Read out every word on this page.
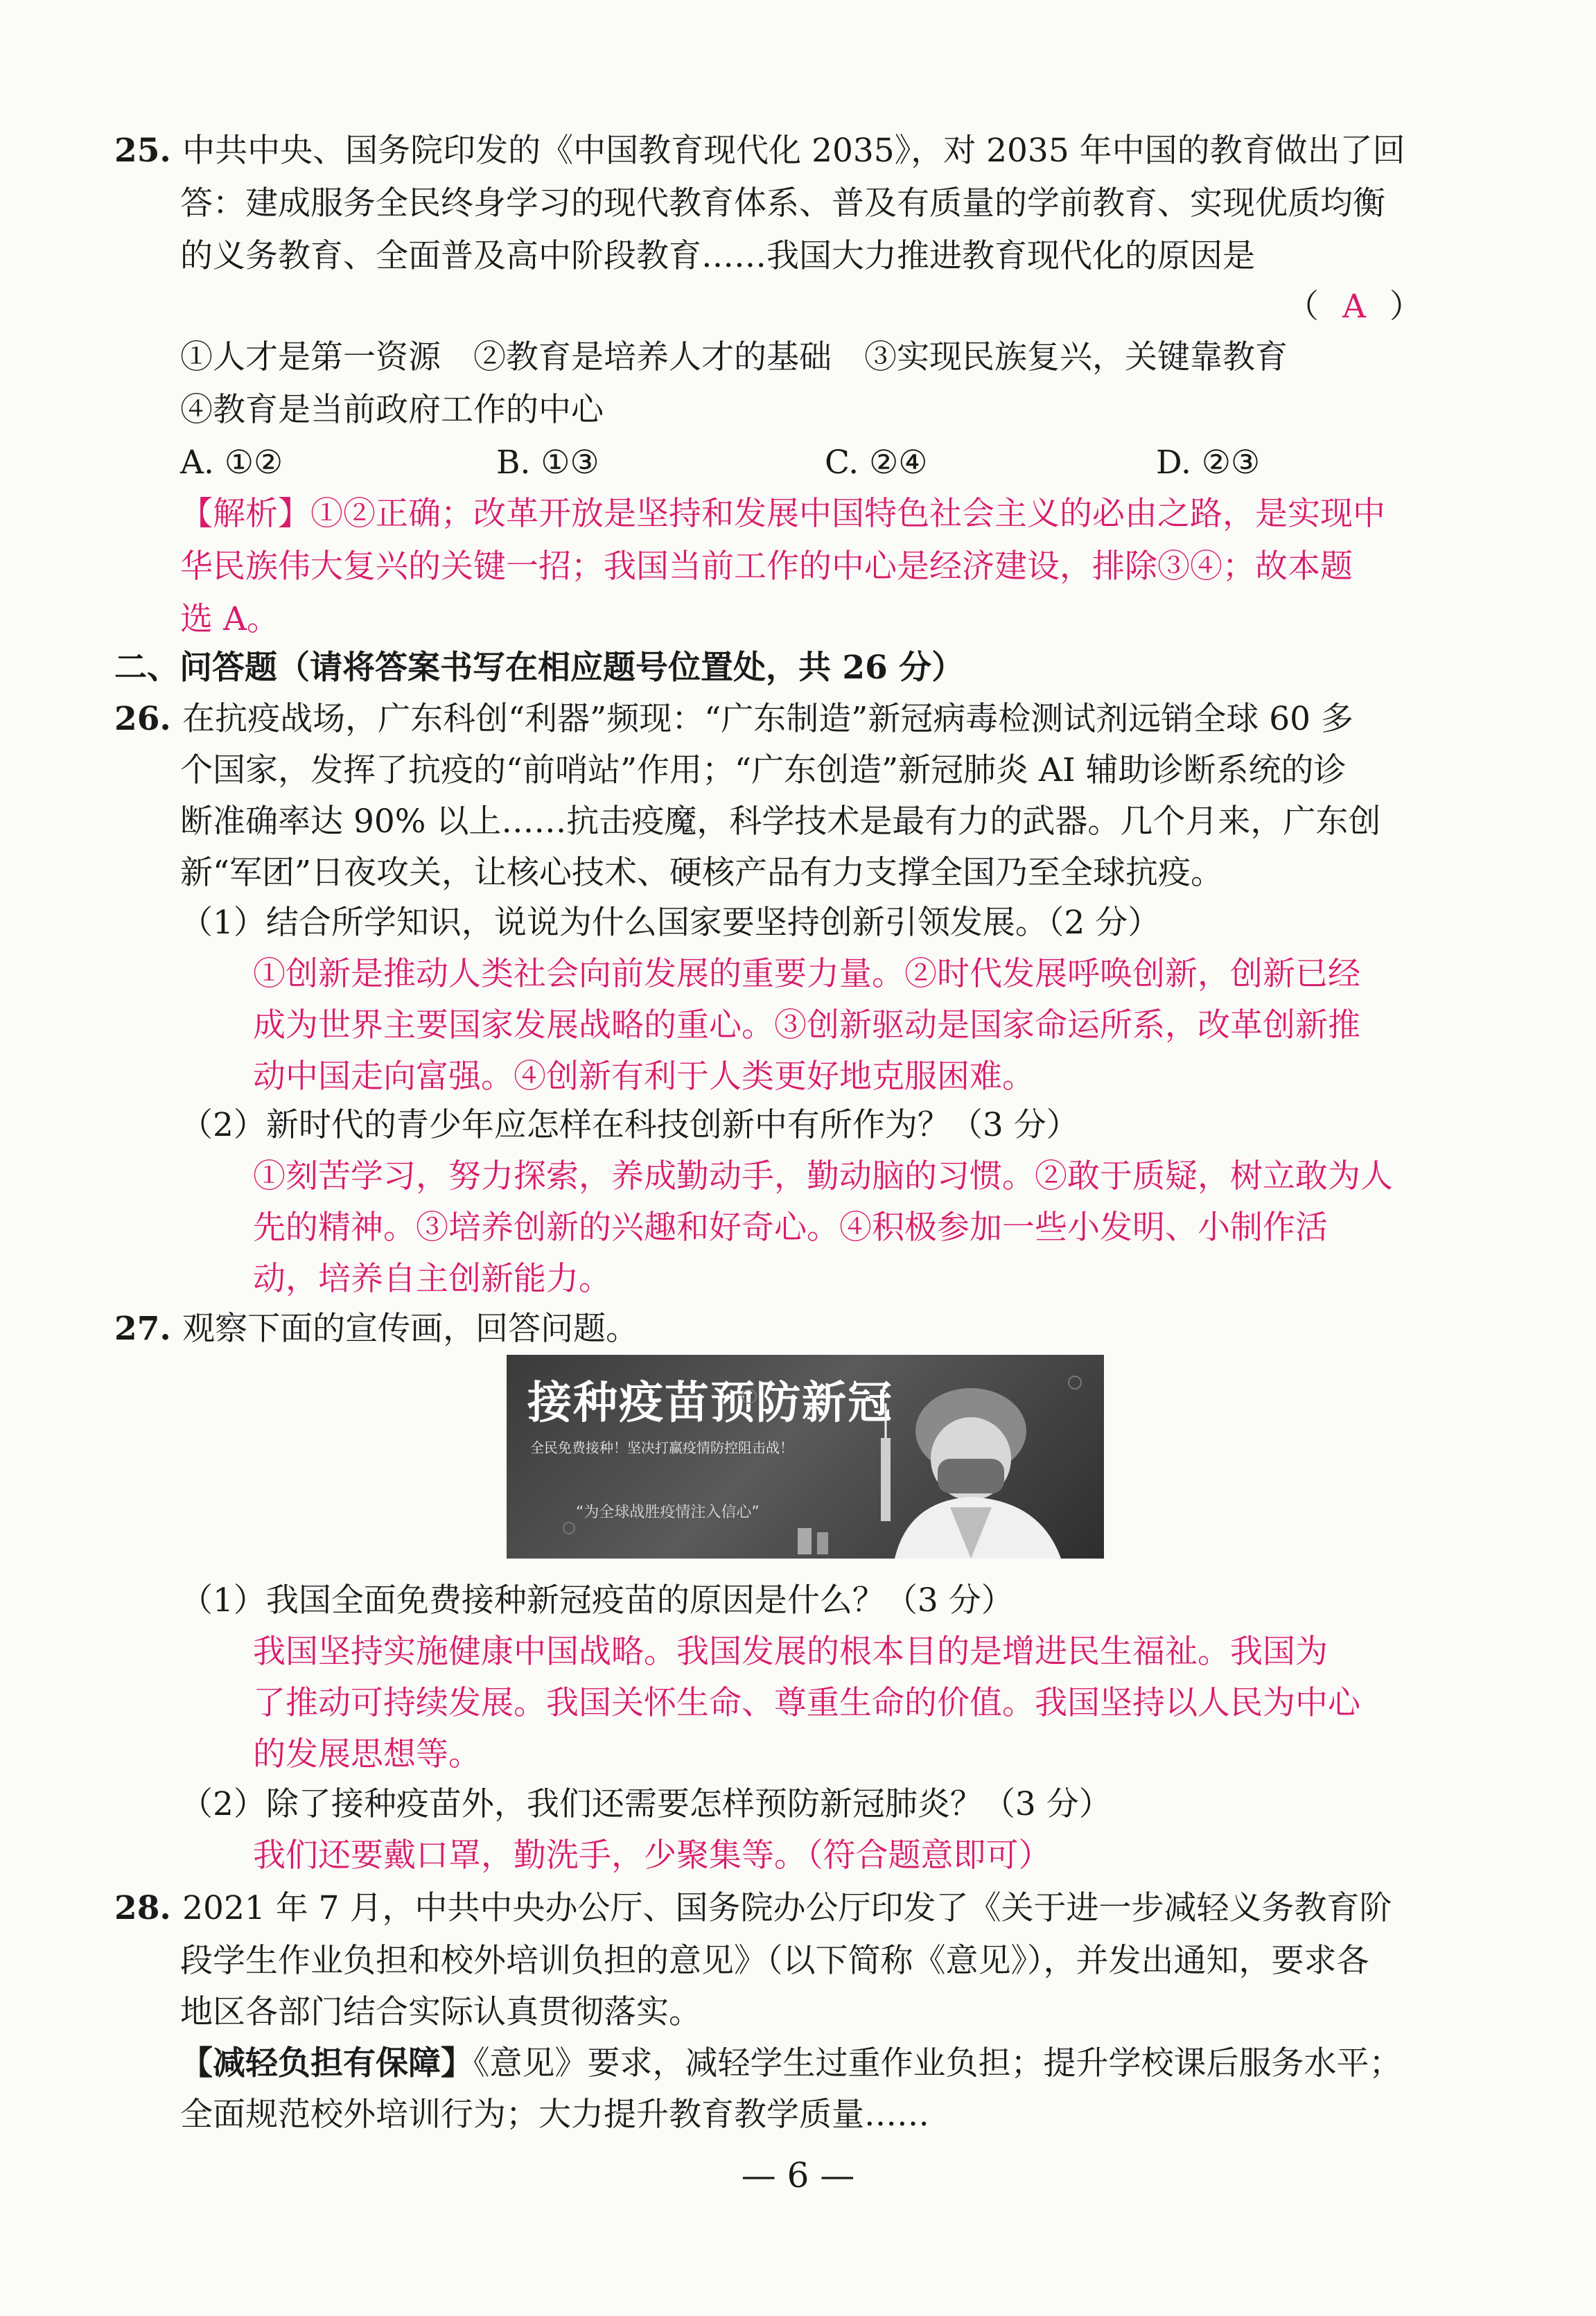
25. 中共中央、国务院印发的《中国教育现代化 2035》，对 2035 年中国的教育做出了回
答：建成服务全民终身学习的现代教育体系、普及有质量的学前教育、实现优质均衡
的义务教育、全面普及高中阶段教育……我国大力推进教育现代化的原因是
（ A ）
①人才是第一资源　②教育是培养人才的基础　③实现民族复兴，关键靠教育
④教育是当前政府工作的中心
A. ①②	B. ①③	C. ②④	D. ②③
【解析】①②正确；改革开放是坚持和发展中国特色社会主义的必由之路，是实现中
华民族伟大复兴的关键一招；我国当前工作的中心是经济建设，排除③④；故本题
选 A。
二、问答题（请将答案书写在相应题号位置处，共 26 分）
26. 在抗疫战场，广东科创“利器”频现：“广东制造”新冠病毒检测试剂远销全球 60 多
个国家，发挥了抗疫的“前哨站”作用；“广东创造”新冠肺炎 AI 辅助诊断系统的诊
断准确率达 90% 以上……抗击疫魔，科学技术是最有力的武器。几个月来，广东创
新“军团”日夜攻关，让核心技术、硬核产品有力支撑全国乃至全球抗疫。
（1）结合所学知识，说说为什么国家要坚持创新引领发展。（2 分）
①创新是推动人类社会向前发展的重要力量。②时代发展呼唤创新，创新已经
成为世界主要国家发展战略的重心。③创新驱动是国家命运所系，改革创新推
动中国走向富强。④创新有利于人类更好地克服困难。
（2）新时代的青少年应怎样在科技创新中有所作为？（3 分）
①刻苦学习，努力探索，养成勤动手，勤动脑的习惯。②敢于质疑，树立敢为人
先的精神。③培养创新的兴趣和好奇心。④积极参加一些小发明、小制作活
动，培养自主创新能力。
27. 观察下面的宣传画，回答问题。
接种疫苗预防新冠
全民免费接种！坚决打赢疫情防控阻击战！
“为全球战胜疫情注入信心”
（1）我国全面免费接种新冠疫苗的原因是什么？（3 分）
我国坚持实施健康中国战略。我国发展的根本目的是增进民生福祉。我国为
了推动可持续发展。我国关怀生命、尊重生命的价值。我国坚持以人民为中心
的发展思想等。
（2）除了接种疫苗外，我们还需要怎样预防新冠肺炎？（3 分）
我们还要戴口罩，勤洗手，少聚集等。（符合题意即可）
28. 2021 年 7 月，中共中央办公厅、国务院办公厅印发了《关于进一步减轻义务教育阶
段学生作业负担和校外培训负担的意见》（以下简称《意见》），并发出通知，要求各
地区各部门结合实际认真贯彻落实。
【减轻负担有保障】《意见》要求，减轻学生过重作业负担；提升学校课后服务水平；
全面规范校外培训行为；大力提升教育教学质量……
— 6 —
